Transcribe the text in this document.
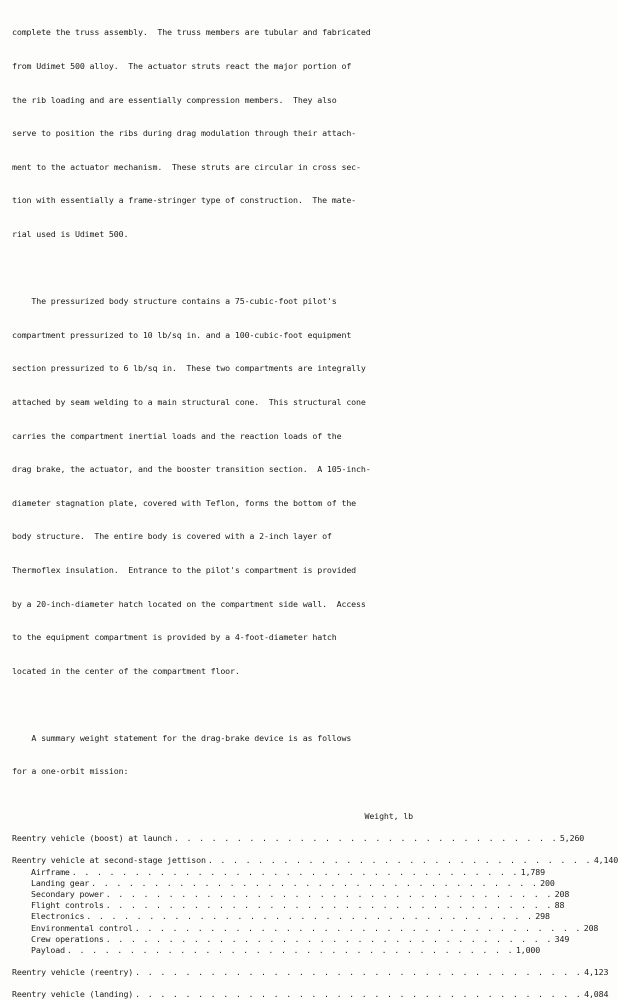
complete the truss assembly.  The truss members are tubular and fabricated

from Udimet 500 alloy.  The actuator struts react the major portion of

the rib loading and are essentially compression members.  They also

serve to position the ribs during drag modulation through their attach-

ment to the actuator mechanism.  These struts are circular in cross sec-

tion with essentially a frame-stringer type of construction.  The mate-

rial used is Udimet 500.

The pressurized body structure contains a 75-cubic-foot pilot's

compartment pressurized to 10 lb/sq in. and a 100-cubic-foot equipment

section pressurized to 6 lb/sq in.  These two compartments are integrally

attached by seam welding to a main structural cone.  This structural cone

carries the compartment inertial loads and the reaction loads of the

drag brake, the actuator, and the booster transition section.  A 105-inch-

diameter stagnation plate, covered with Teflon, forms the bottom of the

body structure.  The entire body is covered with a 2-inch layer of

Thermoflex insulation.  Entrance to the pilot's compartment is provided

by a 20-inch-diameter hatch located on the compartment side wall.  Access

to the equipment compartment is provided by a 4-foot-diameter hatch

located in the center of the compartment floor.

A summary weight statement for the drag-brake device is as follows

for a one-orbit mission:

Weight, lb
Reentry vehicle (boost) at launch . . . . . . . . . . . . . . . . . . . . . . . . . . . . . . . 5,260
Reentry vehicle at second-stage jettison . . . . . . . . . . . . . . . . . . . . . . . . . . . . . . . 4,140
Airframe . . . . . . . . . . . . . . . . . . . . . . . . . . . . . . . . . . . . 1,789
Landing gear . . . . . . . . . . . . . . . . . . . . . . . . . . . . . . . . . . . . 200
Secondary power . . . . . . . . . . . . . . . . . . . . . . . . . . . . . . . . . . . . 208
Flight controls . . . . . . . . . . . . . . . . . . . . . . . . . . . . . . . . . . . . 88
Electronics . . . . . . . . . . . . . . . . . . . . . . . . . . . . . . . . . . . . 298
Environmental control . . . . . . . . . . . . . . . . . . . . . . . . . . . . . . . . . . . . 208
Crew operations . . . . . . . . . . . . . . . . . . . . . . . . . . . . . . . . . . . . 349
Payload . . . . . . . . . . . . . . . . . . . . . . . . . . . . . . . . . . . . 1,000
Reentry vehicle (reentry) . . . . . . . . . . . . . . . . . . . . . . . . . . . . . . . . . . . . 4,123
Reentry vehicle (landing) . . . . . . . . . . . . . . . . . . . . . . . . . . . . . . . . . . . . 4,084
